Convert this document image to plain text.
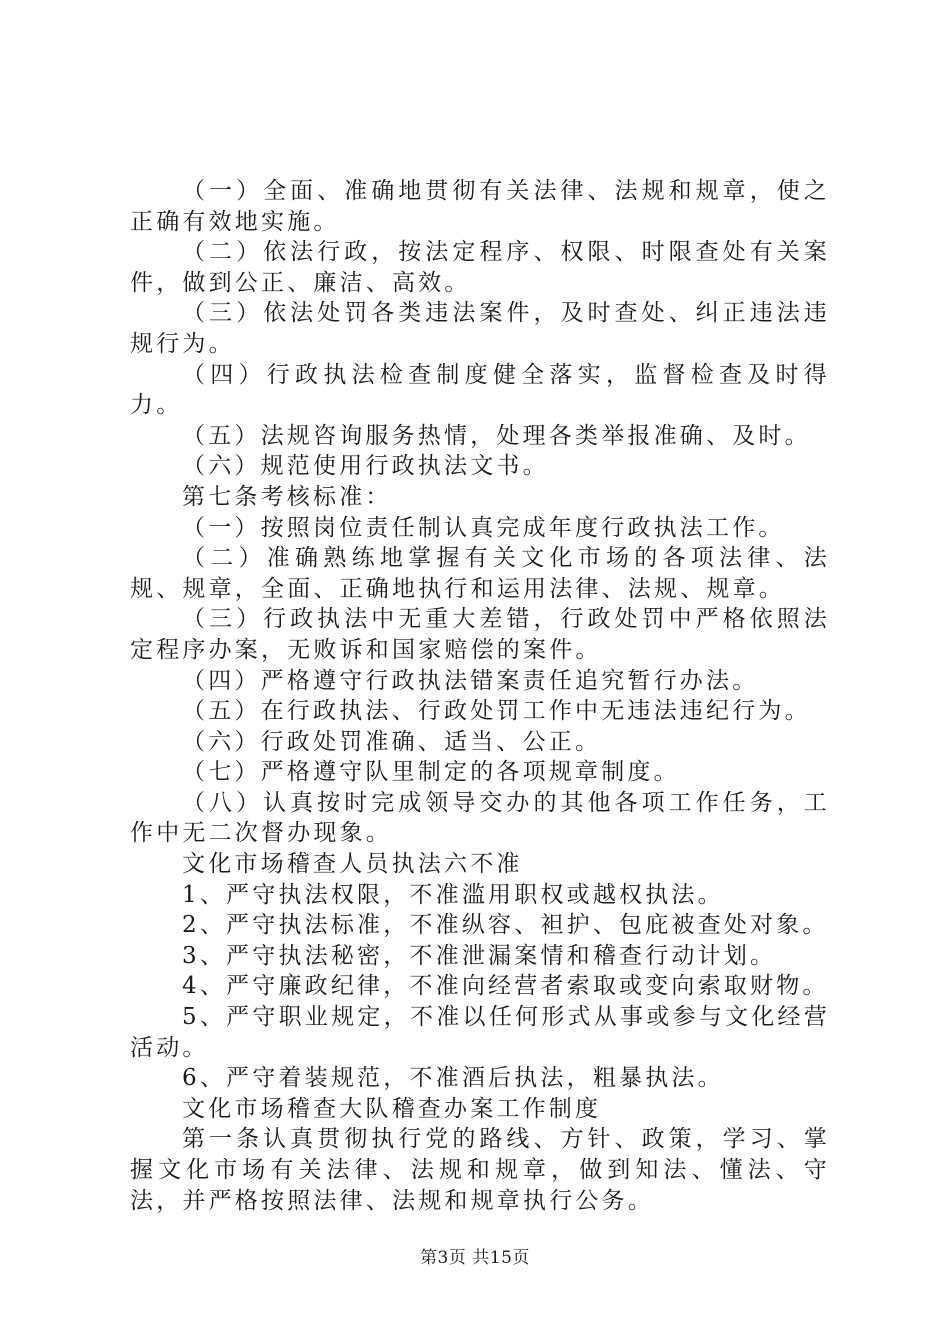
（一）全面、准确地贯彻有关法律、法规和规章，使之正确有效地实施。

（二）依法行政，按法定程序、权限、时限查处有关案件，做到公正、廉洁、高效。

（三）依法处罚各类违法案件，及时查处、纠正违法违规行为。

（四）行政执法检查制度健全落实，监督检查及时得力。

（五）法规咨询服务热情，处理各类举报准确、及时。

（六）规范使用行政执法文书。

第七条考核标准：

（一）按照岗位责任制认真完成年度行政执法工作。

（二）准确熟练地掌握有关文化市场的各项法律、法规、规章，全面、正确地执行和运用法律、法规、规章。

（三）行政执法中无重大差错，行政处罚中严格依照法定程序办案，无败诉和国家赔偿的案件。

（四）严格遵守行政执法错案责任追究暂行办法。

（五）在行政执法、行政处罚工作中无违法违纪行为。

（六）行政处罚准确、适当、公正。

（七）严格遵守队里制定的各项规章制度。

（八）认真按时完成领导交办的其他各项工作任务，工作中无二次督办现象。

文化市场稽查人员执法六不准

1、严守执法权限，不准滥用职权或越权执法。

2、严守执法标准，不准纵容、袒护、包庇被查处对象。

3、严守执法秘密，不准泄漏案情和稽查行动计划。

4、严守廉政纪律，不准向经营者索取或变向索取财物。

5、严守职业规定，不准以任何形式从事或参与文化经营活动。

6、严守着装规范，不准酒后执法，粗暴执法。

文化市场稽查大队稽查办案工作制度

第一条认真贯彻执行党的路线、方针、政策，学习、掌握文化市场有关法律、法规和规章，做到知法、懂法、守法，并严格按照法律、法规和规章执行公务。

第3页 共15页
